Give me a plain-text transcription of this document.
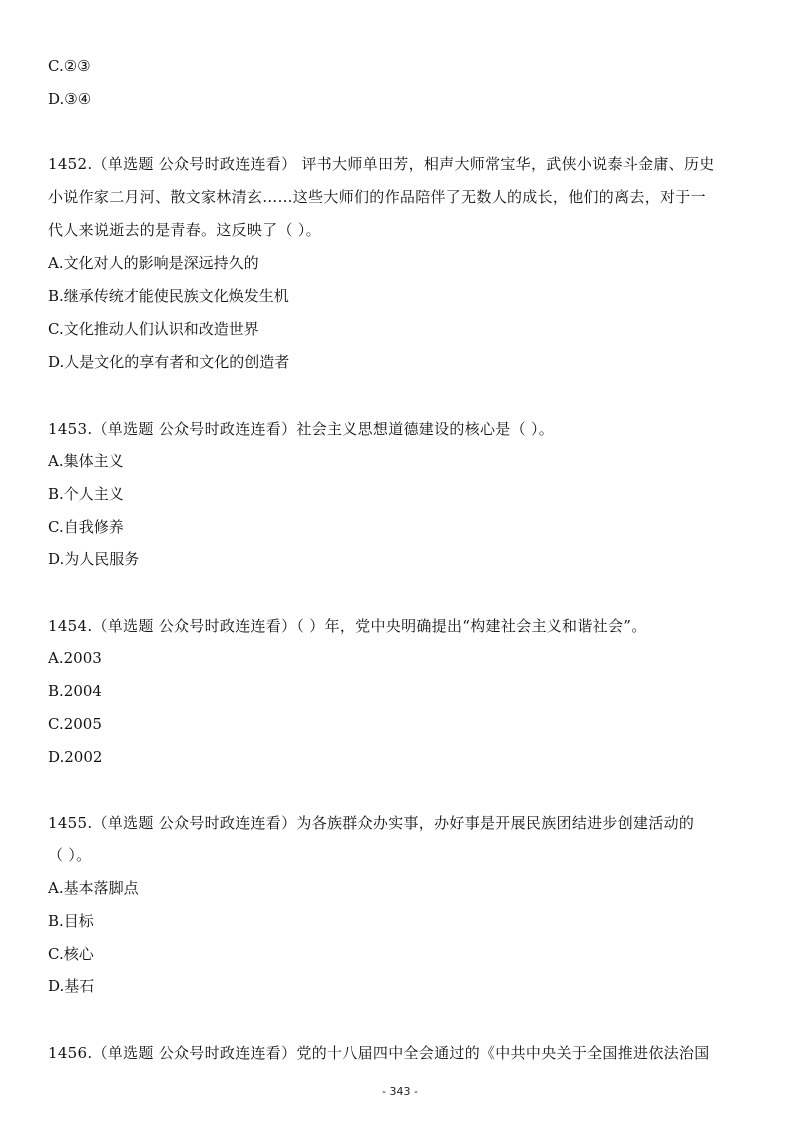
C.②③
D.③④
1452.（单选题 公众号时政连连看） 评书大师单田芳，相声大师常宝华，武侠小说泰斗金庸、历史
小说作家二月河、散文家林清玄……这些大师们的作品陪伴了无数人的成长，他们的离去，对于一
代人来说逝去的是青春。这反映了（ ）。
A.文化对人的影响是深远持久的
B.继承传统才能使民族文化焕发生机
C.文化推动人们认识和改造世界
D.人是文化的享有者和文化的创造者
1453.（单选题 公众号时政连连看）社会主义思想道德建设的核心是（ ）。
A.集体主义
B.个人主义
C.自我修养
D.为人民服务
1454.（单选题 公众号时政连连看）（ ）年，党中央明确提出“构建社会主义和谐社会”。
A.2003
B.2004
C.2005
D.2002
1455.（单选题 公众号时政连连看）为各族群众办实事，办好事是开展民族团结进步创建活动的
（ ）。
A.基本落脚点
B.目标
C.核心
D.基石
1456.（单选题 公众号时政连连看）党的十八届四中全会通过的《中共中央关于全国推进依法治国
- 343 -
